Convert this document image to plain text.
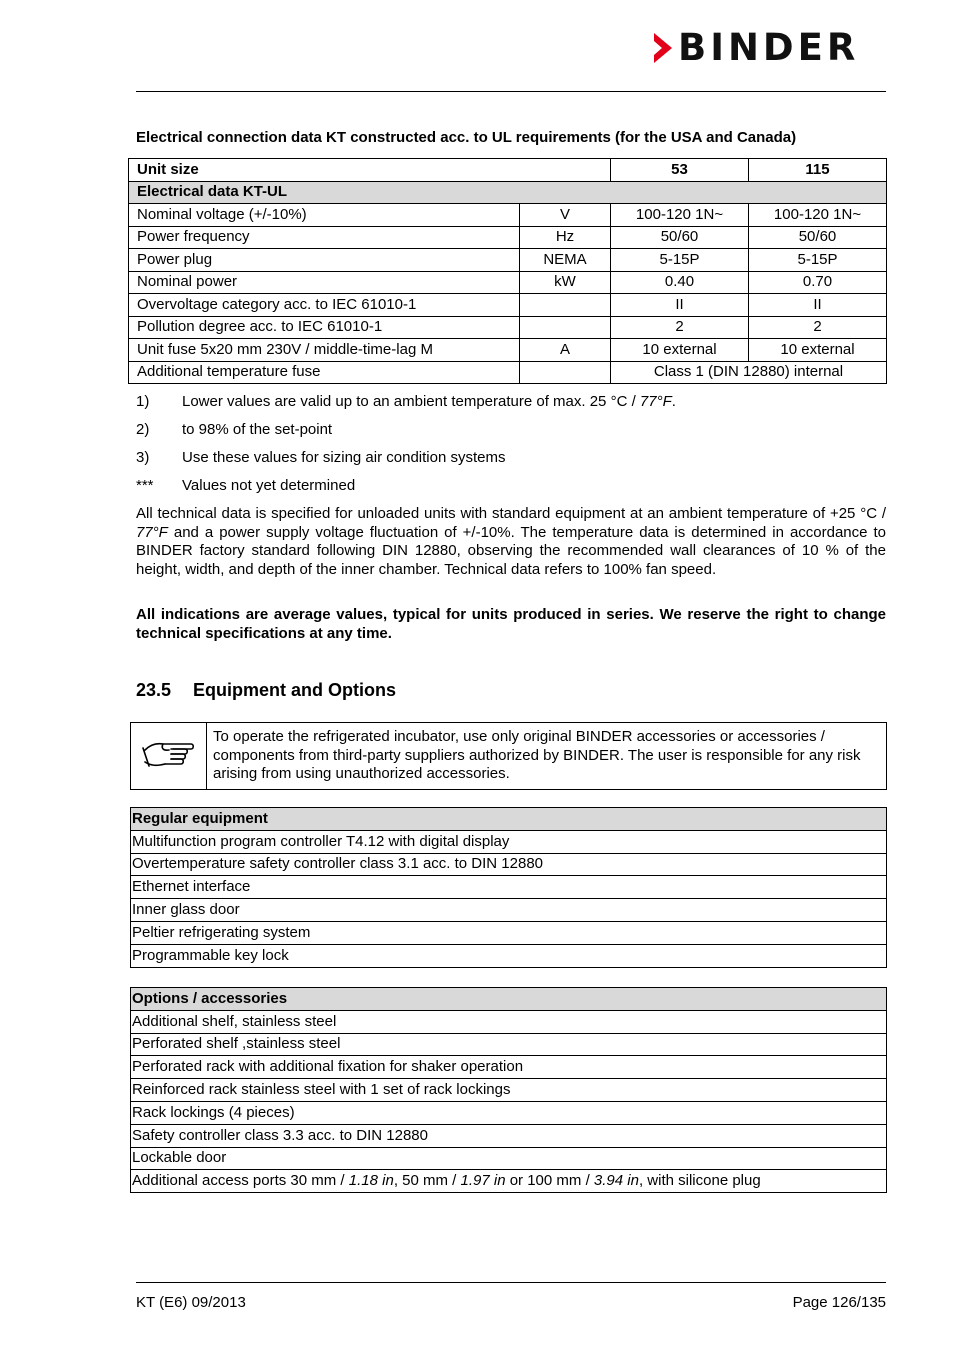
BINDER
Electrical connection data KT constructed acc. to UL requirements (for the USA and Canada)
Unit size		53	115
Electrical data KT-UL			
Nominal voltage (+/-10%)	V	100-120 1N~	100-120 1N~
Power frequency	Hz	50/60	50/60
Power plug	NEMA	5-15P	5-15P
Nominal power	kW	0.40	0.70
Overvoltage category acc. to IEC 61010-1		II	II
Pollution degree acc. to IEC 61010-1		2	2
Unit fuse 5x20 mm 230V / middle-time-lag M	A	10 external	10 external
Additional temperature fuse		Class 1 (DIN 12880) internal	
1) Lower values are valid up to an ambient temperature of max. 25 °C / 77°F.
2) to 98% of the set-point
3) Use these values for sizing air condition systems
*** Values not yet determined
All technical data is specified for unloaded units with standard equipment at an ambient temperature of +25 °C / 77°F and a power supply voltage fluctuation of +/-10%. The temperature data is determined in accordance to BINDER factory standard following DIN 12880, observing the recommended wall clearances of 10 % of the height, width, and depth of the inner chamber. Technical data refers to 100% fan speed.
All indications are average values, typical for units produced in series. We reserve the right to change technical specifications at any time.
23.5 Equipment and Options
To operate the refrigerated incubator, use only original BINDER accessories or accessories / components from third-party suppliers authorized by BINDER. The user is responsible for any risk arising from using unauthorized accessories.
Regular equipment
Multifunction program controller T4.12 with digital display
Overtemperature safety controller class 3.1 acc. to DIN 12880
Ethernet interface
Inner glass door
Peltier refrigerating system
Programmable key lock
Options / accessories
Additional shelf, stainless steel
Perforated shelf ,stainless steel
Perforated rack with additional fixation for shaker operation
Reinforced rack stainless steel with 1 set of rack lockings
Rack lockings (4 pieces)
Safety controller class 3.3 acc. to DIN 12880
Lockable door
Additional access ports 30 mm / 1.18 in, 50 mm / 1.97 in or 100 mm / 3.94 in, with silicone plug
KT (E6) 09/2013	Page 126/135
